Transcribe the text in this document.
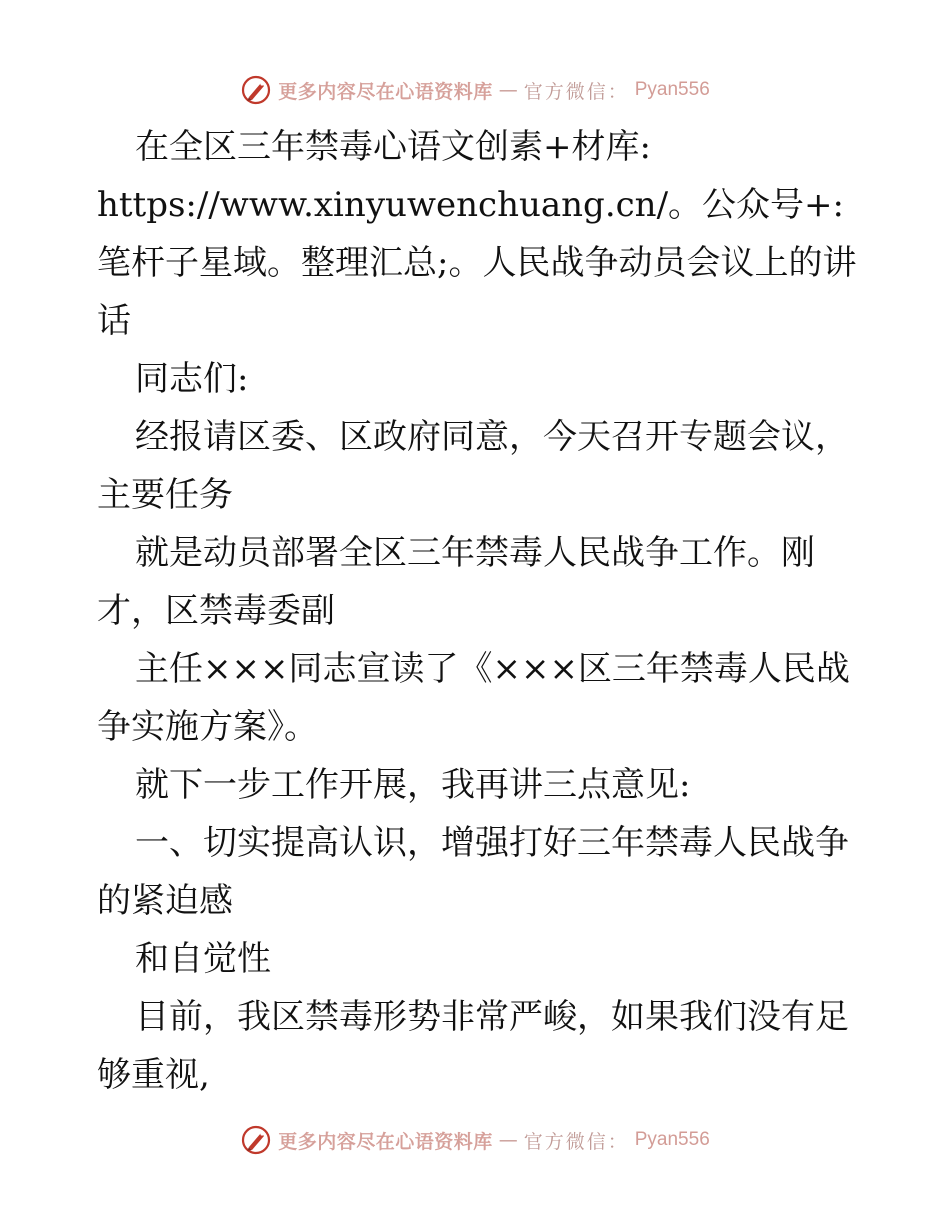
更多内容尽在心语资料库 — 官方微信： Pyan556

在全区三年禁毒心语文创素+材库: https://www.xinyuwenchuang.cn/。公众号+: 笔杆子星域。整理汇总;。人民战争动员会议上的讲话

同志们:

经报请区委、区政府同意，今天召开专题会议，主要任务

就是动员部署全区三年禁毒人民战争工作。刚才，区禁毒委副

主任×××同志宣读了《×××区三年禁毒人民战争实施方案》。

就下一步工作开展，我再讲三点意见:

一、切实提高认识，增强打好三年禁毒人民战争的紧迫感

和自觉性

目前，我区禁毒形势非常严峻，如果我们没有足够重视,

更多内容尽在心语资料库 — 官方微信： Pyan556
